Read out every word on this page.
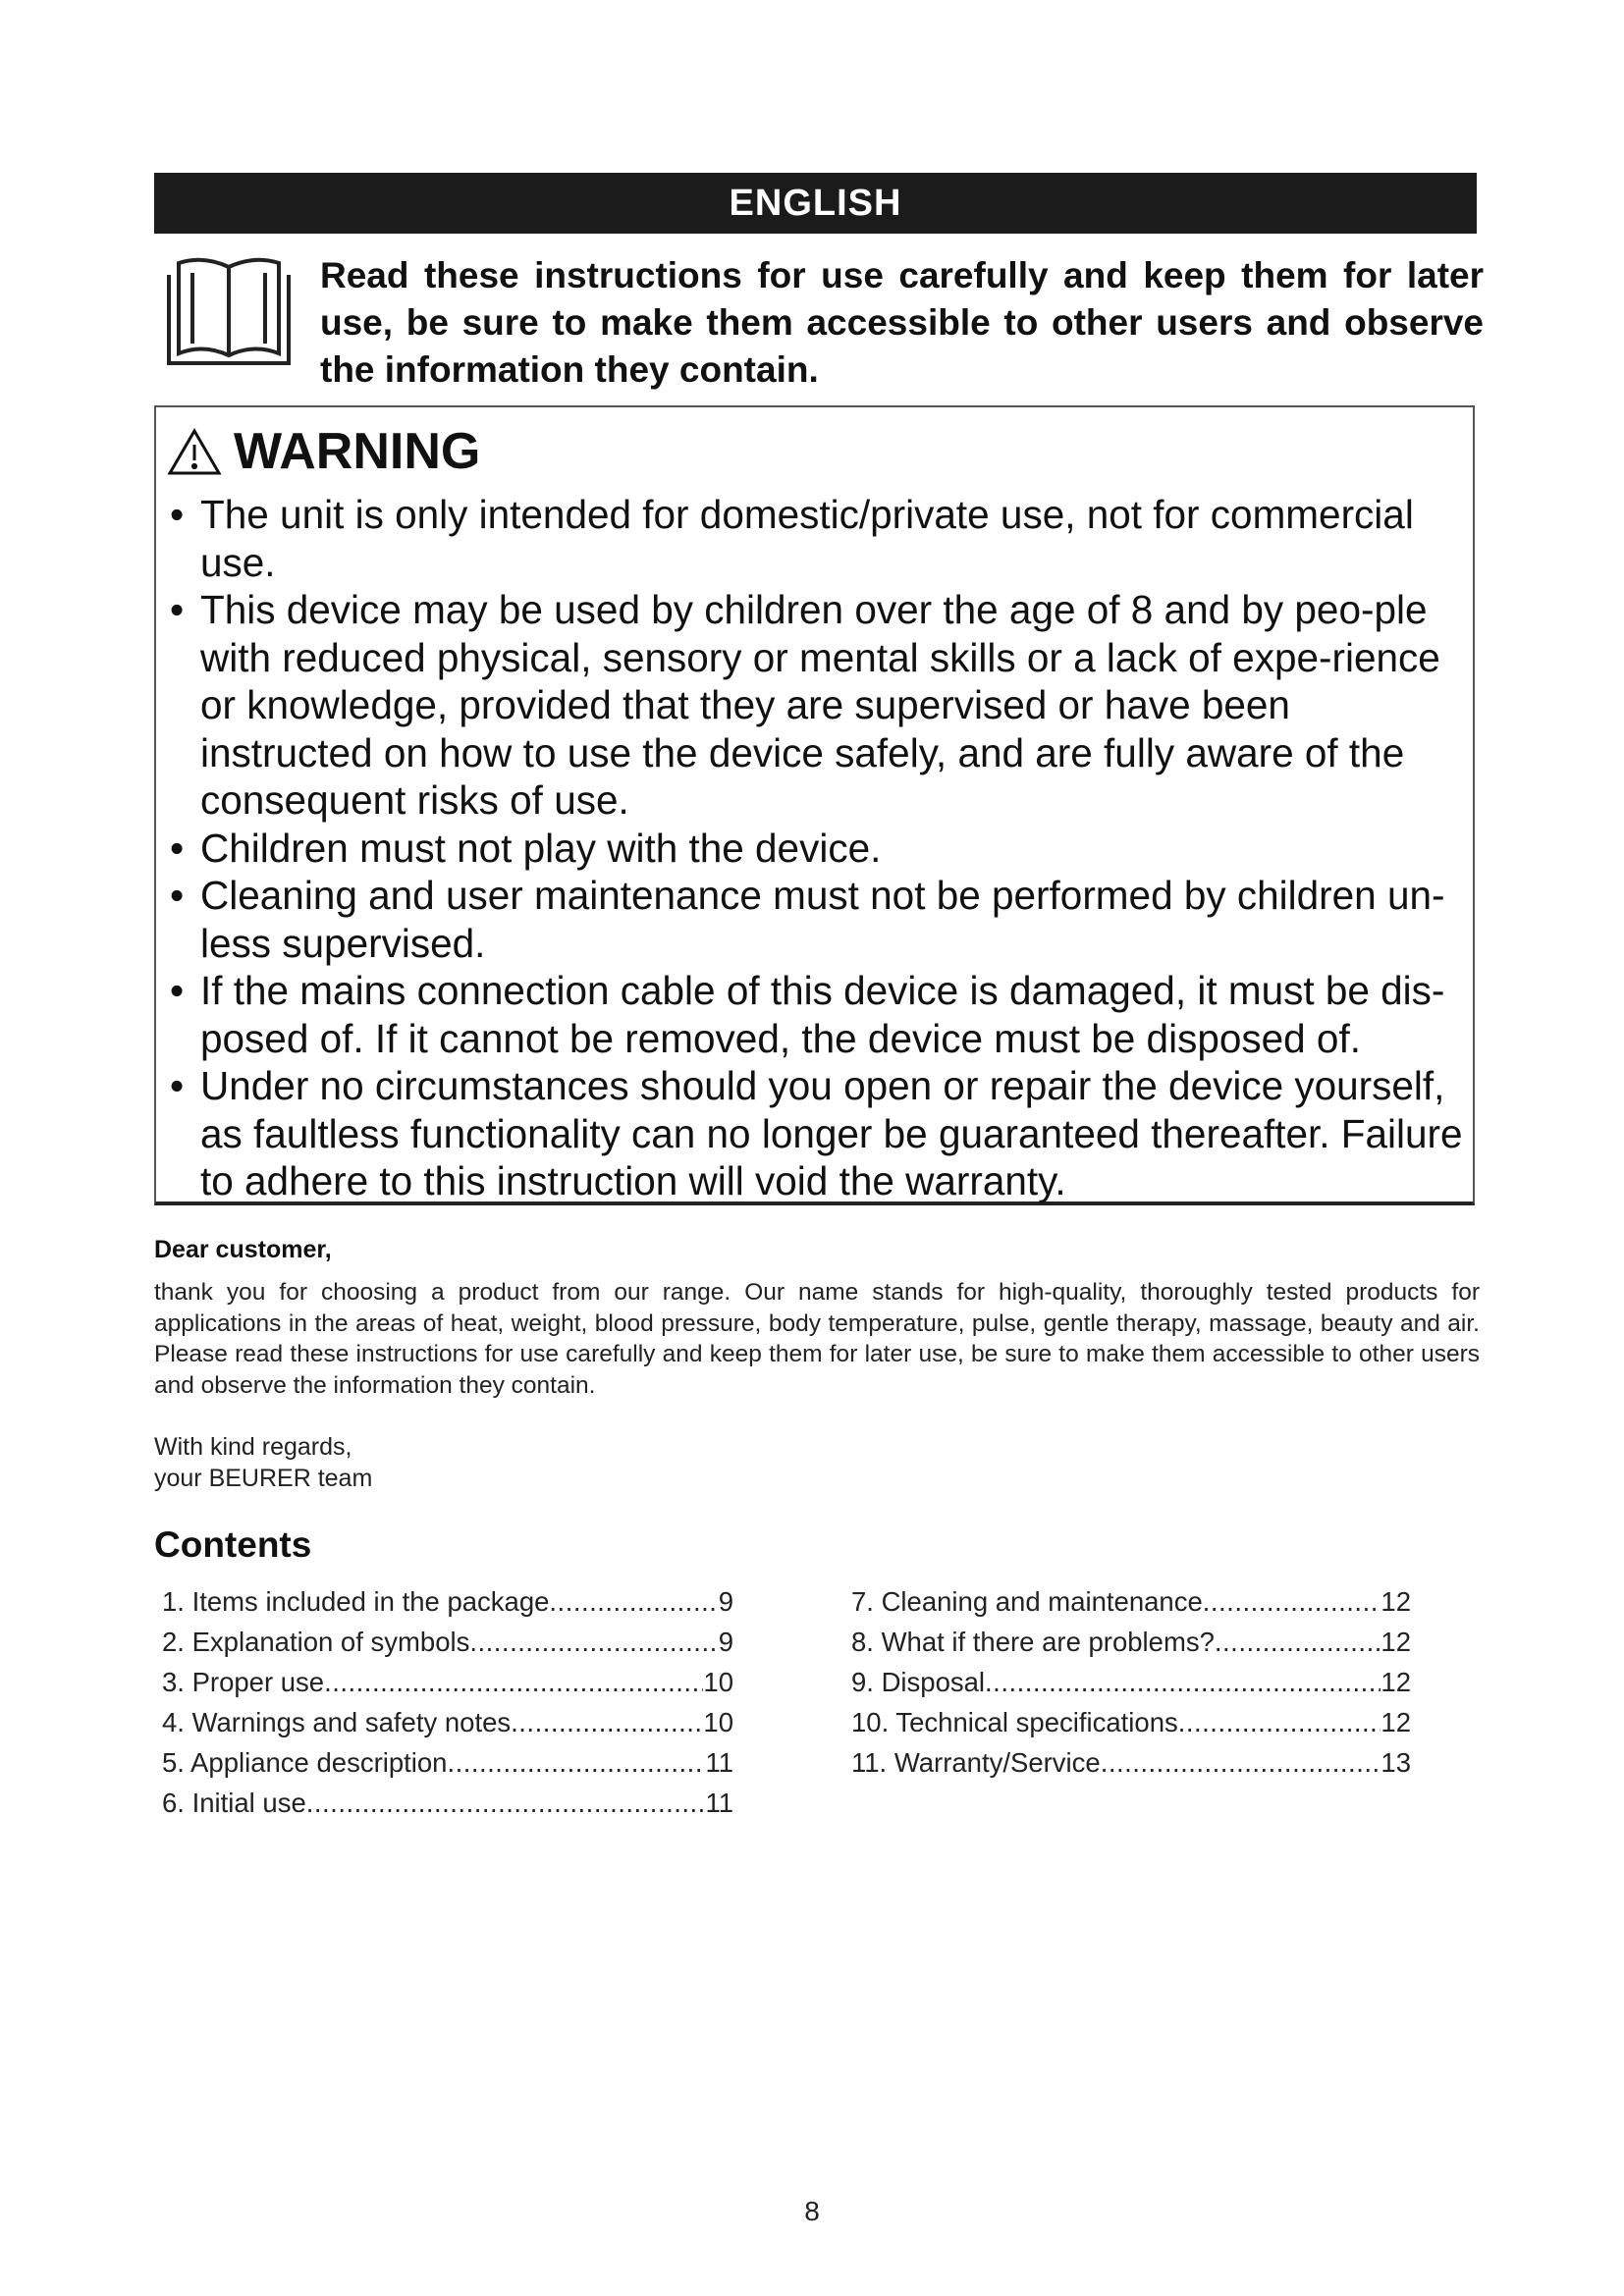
ENGLISH
Read these instructions for use carefully and keep them for later use, be sure to make them accessible to other users and observe the information they contain.
WARNING
• The unit is only intended for domestic/private use, not for commercial use.
• This device may be used by children over the age of 8 and by peo-ple with reduced physical, sensory or mental skills or a lack of expe-rience or knowledge, provided that they are supervised or have been instructed on how to use the device safely, and are fully aware of the consequent risks of use.
• Children must not play with the device.
• Cleaning and user maintenance must not be performed by children un-less supervised.
• If the mains connection cable of this device is damaged, it must be dis-posed of. If it cannot be removed, the device must be disposed of.
• Under no circumstances should you open or repair the device yourself, as faultless functionality can no longer be guaranteed thereafter. Failure to adhere to this instruction will void the warranty.
Dear customer,
thank you for choosing a product from our range. Our name stands for high-quality, thoroughly tested products for applications in the areas of heat, weight, blood pressure, body temperature, pulse, gentle therapy, massage, beauty and air. Please read these instructions for use carefully and keep them for later use, be sure to make them accessible to other users and observe the information they contain.
With kind regards,
your BEURER team
Contents
1. Items included in the package .....	9
2. Explanation of symbols .....	9
3. Proper use .....	10
4. Warnings and safety notes .....	10
5. Appliance description .....	11
6. Initial use .....	11
7. Cleaning and maintenance .....	12
8. What if there are problems? .....	12
9. Disposal .....	12
10. Technical specifications .....	12
11. Warranty/Service .....	13
8
